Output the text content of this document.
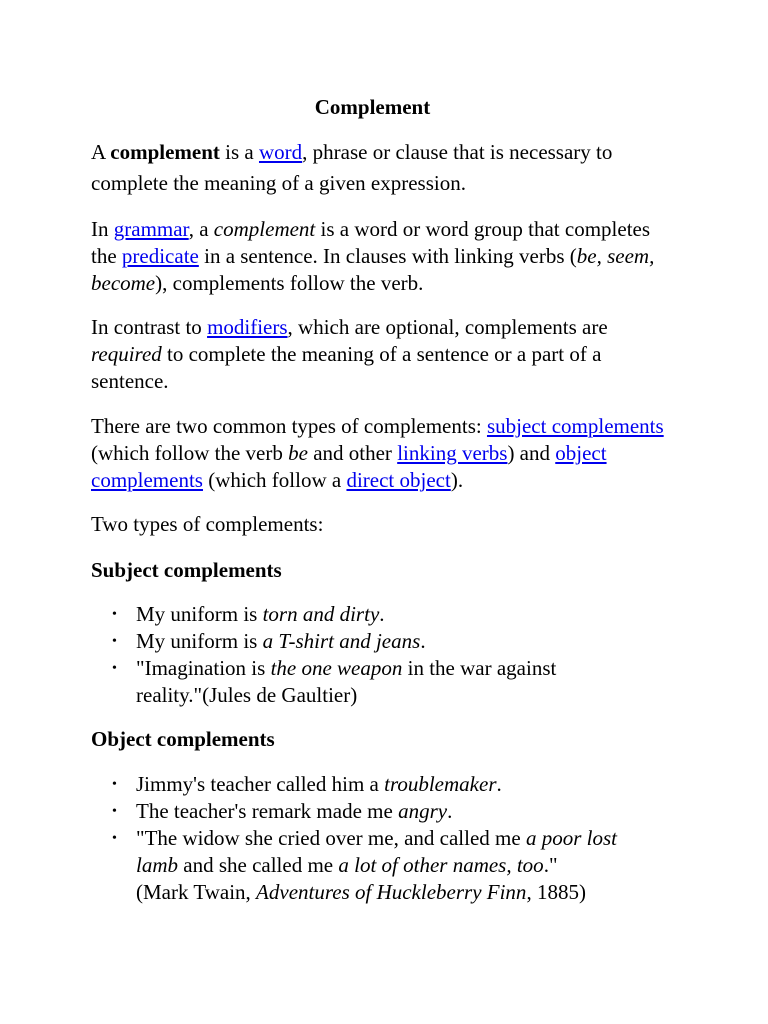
Complement

A complement is a word, phrase or clause that is necessary to complete the meaning of a given expression.

In grammar, a complement is a word or word group that completes the predicate in a sentence. In clauses with linking verbs (be, seem, become), complements follow the verb.

In contrast to modifiers, which are optional, complements are required to complete the meaning of a sentence or a part of a sentence.

There are two common types of complements: subject complements (which follow the verb be and other linking verbs) and object complements (which follow a direct object).

Two types of complements:

Subject complements
• My uniform is torn and dirty.
• My uniform is a T-shirt and jeans.
• "Imagination is the one weapon in the war against reality."(Jules de Gaultier)
Object complements
• Jimmy's teacher called him a troublemaker.
• The teacher's remark made me angry.
• "The widow she cried over me, and called me a poor lost lamb and she called me a lot of other names, too."
(Mark Twain, Adventures of Huckleberry Finn, 1885)
